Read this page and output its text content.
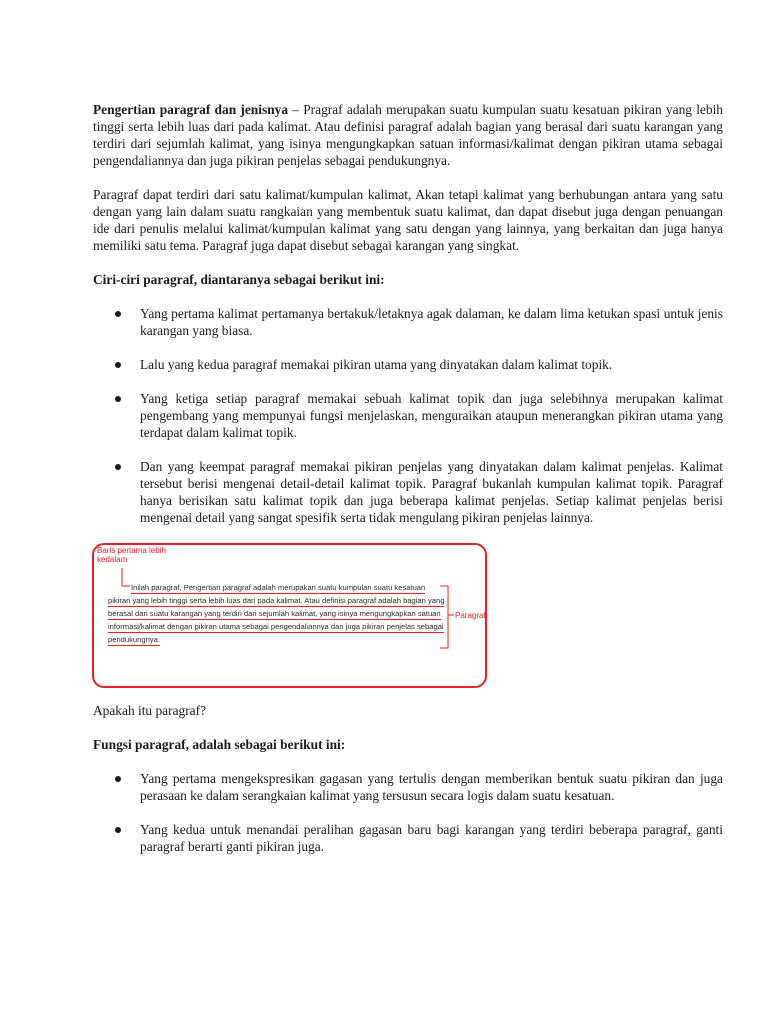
Pengertian paragraf dan jenisnya – Pragraf adalah merupakan suatu kumpulan suatu kesatuan pikiran yang lebih tinggi serta lebih luas dari pada kalimat. Atau definisi paragraf adalah bagian yang berasal dari suatu karangan yang terdiri dari sejumlah kalimat, yang isinya mengungkapkan satuan informasi/kalimat dengan pikiran utama sebagai pengendaliannya dan juga pikiran penjelas sebagai pendukungnya.

Paragraf dapat terdiri dari satu kalimat/kumpulan kalimat, Akan tetapi kalimat yang berhubungan antara yang satu dengan yang lain dalam suatu rangkaian yang membentuk suatu kalimat, dan dapat disebut juga dengan penuangan ide dari penulis melalui kalimat/kumpulan kalimat yang satu dengan yang lainnya, yang berkaitan dan juga hanya memiliki satu tema. Paragraf juga dapat disebut sebagai karangan yang singkat.

Ciri-ciri paragraf, diantaranya sebagai berikut ini:

Yang pertama kalimat pertamanya bertakuk/letaknya agak dalaman, ke dalam lima ketukan spasi untuk jenis karangan yang biasa.
Lalu yang kedua paragraf memakai pikiran utama yang dinyatakan dalam kalimat topik.
Yang ketiga setiap paragraf memakai sebuah kalimat topik dan juga selebihnya merupakan kalimat pengembang yang mempunyai fungsi menjelaskan, menguraikan ataupun menerangkan pikiran utama yang terdapat dalam kalimat topik.
Dan yang keempat paragraf memakai pikiran penjelas yang dinyatakan dalam kalimat penjelas. Kalimat tersebut berisi mengenai detail-detail kalimat topik. Paragraf bukanlah kumpulan kalimat topik. Paragraf hanya berisikan satu kalimat topik dan juga beberapa kalimat penjelas. Setiap kalimat penjelas berisi mengenai detail yang sangat spesifik serta tidak mengulang pikiran penjelas lainnya.
Baris pertama lebih kedalam
Paragraf
Inilah paragraf, Pengertian paragraf adalah merupakan suatu kumpulan suatu kesatuan pikiran yang lebih tinggi serta lebih luas dari pada kalimat. Atau definisi paragraf adalah bagian yang berasal dari suatu karangan yang terdiri dari sejumlah kalimat, yang isinya mengungkapkan satuan informasi/kalimat dengan pikiran utama sebagai pengendaliannya dan juga pikiran penjelas sebagai pendukungnya.

Apakah itu paragraf?

Fungsi paragraf, adalah sebagai berikut ini:

Yang pertama mengekspresikan gagasan yang tertulis dengan memberikan bentuk suatu pikiran dan juga perasaan ke dalam serangkaian kalimat yang tersusun secara logis dalam suatu kesatuan.
Yang kedua untuk menandai peralihan gagasan baru bagi karangan yang terdiri beberapa paragraf, ganti paragraf berarti ganti pikiran juga.
